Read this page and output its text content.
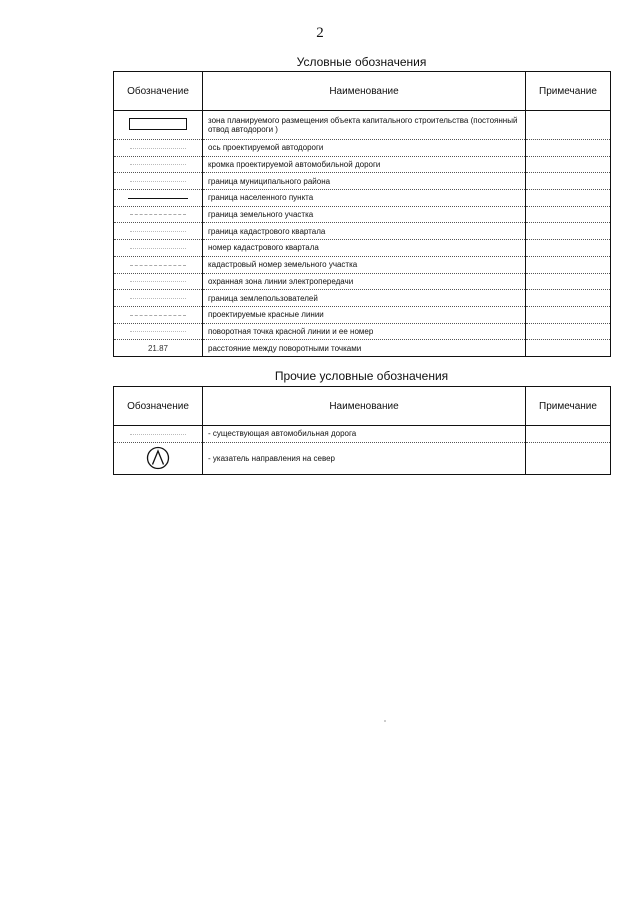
2
Условные обозначения
Обозначение	Наименование	Примечание
	зона планируемого размещения объекта капитального строительства (постоянный отвод автодороги )	
	ось проектируемой автодороги	
	кромка проектируемой автомобильной дороги	
	граница муниципального района	
	граница населенного пункта	
	граница земельного участка	
	граница кадастрового квартала	
	номер кадастрового квартала	
	кадастровый номер земельного участка	
	охранная зона линии электропередачи	
	граница землепользователей	
	проектируемые красные линии	
	поворотная точка красной линии и ее номер	
21.87	расстояние между поворотными точками	
Прочие условные обозначения
Обозначение	Наименование	Примечание
	- существующая автомобильная дорога	
	- указатель направления на север	
